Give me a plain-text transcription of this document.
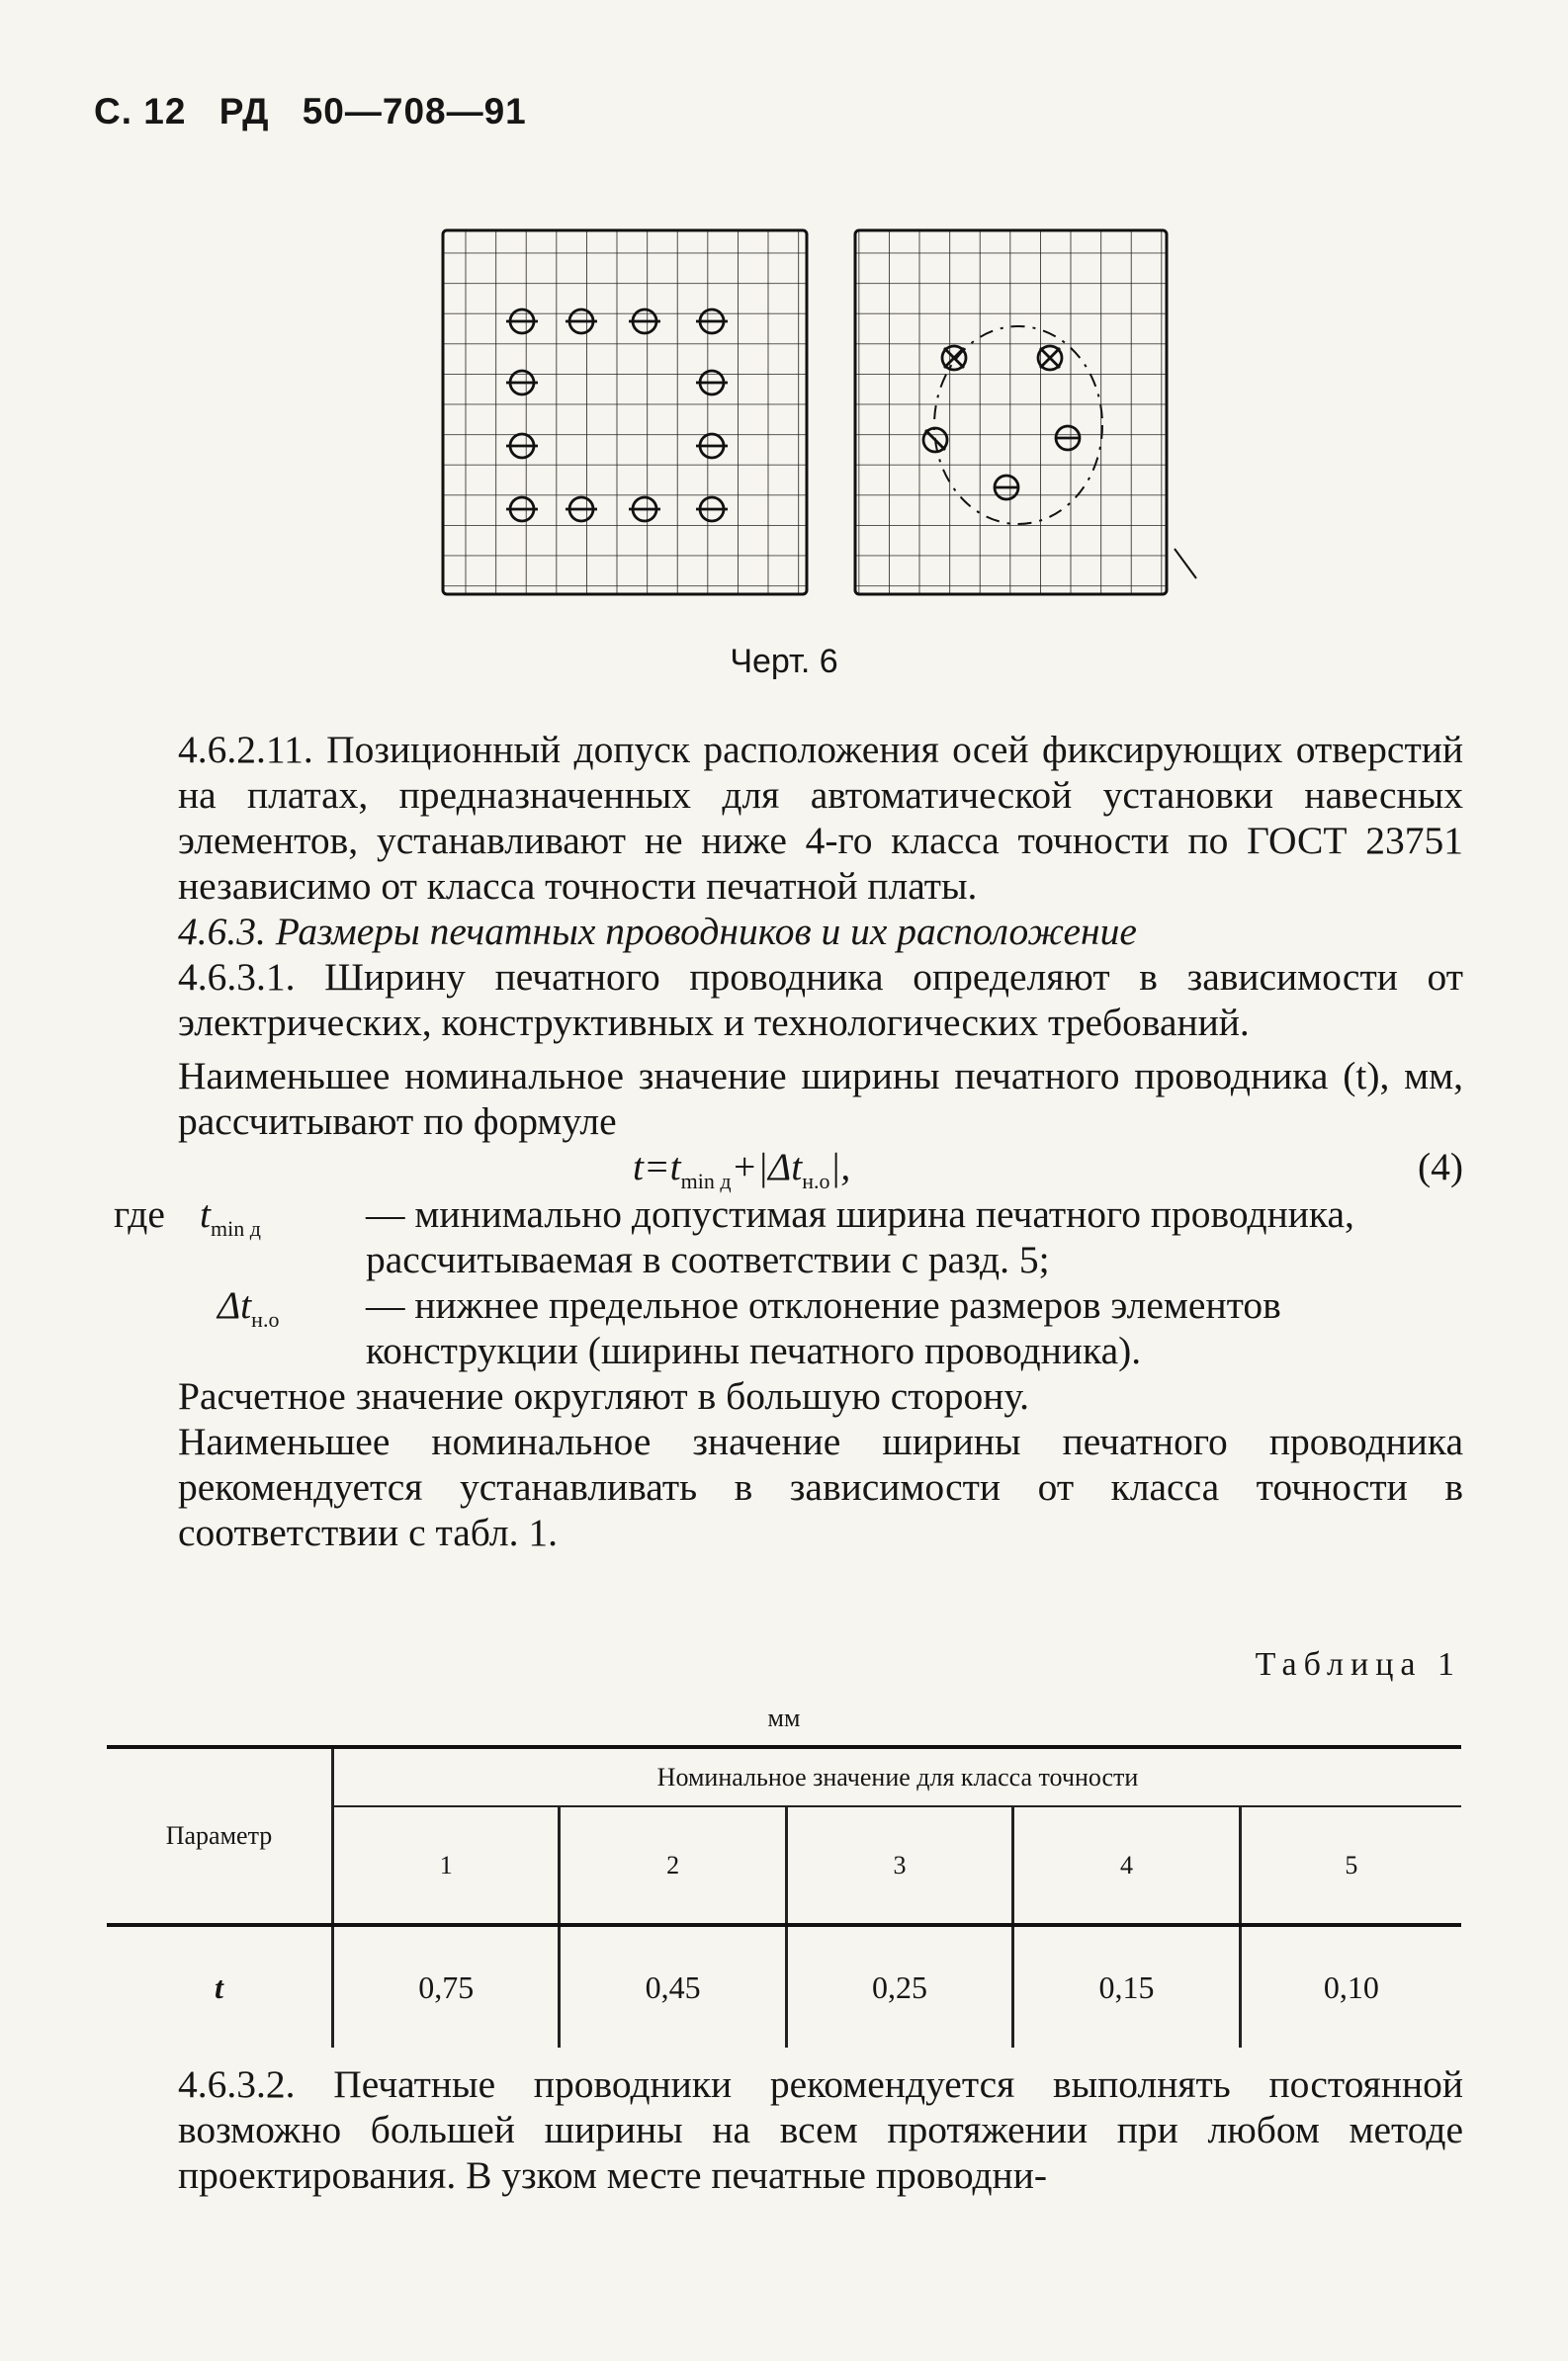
С. 12 РД 50—708—91
Черт. 6

4.6.2.11. Позиционный допуск расположения осей фиксирующих отверстий на платах, предназначенных для автоматической установки навесных элементов, устанавливают не ниже 4-го класса точности по ГОСТ 23751 независимо от класса точности печатной платы.

4.6.3. Размеры печатных проводников и их расположение

4.6.3.1. Ширину печатного проводника определяют в зависимости от электрических, конструктивных и технологических требований.

Наименьшее номинальное значение ширины печатного проводника (t), мм, рассчитывают по формуле

$t=t_{min д}+|\Delta t_{н.о}|$,	(4)
где $t_{min д}$	— минимально допустимая ширина печатного проводника, рассчитываемая в соответствии с разд. 5;
$\Delta t_{н.о}$ — нижнее предельное отклонение размеров элементов конструкции (ширины печатного проводника).

Расчетное значение округляют в большую сторону.

Наименьшее номинальное значение ширины печатного проводника рекомендуется устанавливать в зависимости от класса точности в соответствии с табл. 1.

Таблица 1
мм
Параметр	Номинальное значение для класса точности				
	1	2	3	4	5
t	0,75	0,45	0,25	0,15	0,10

4.6.3.2. Печатные проводники рекомендуется выполнять постоянной возможно большей ширины на всем протяжении при любом методе проектирования. В узком месте печатные проводни-
